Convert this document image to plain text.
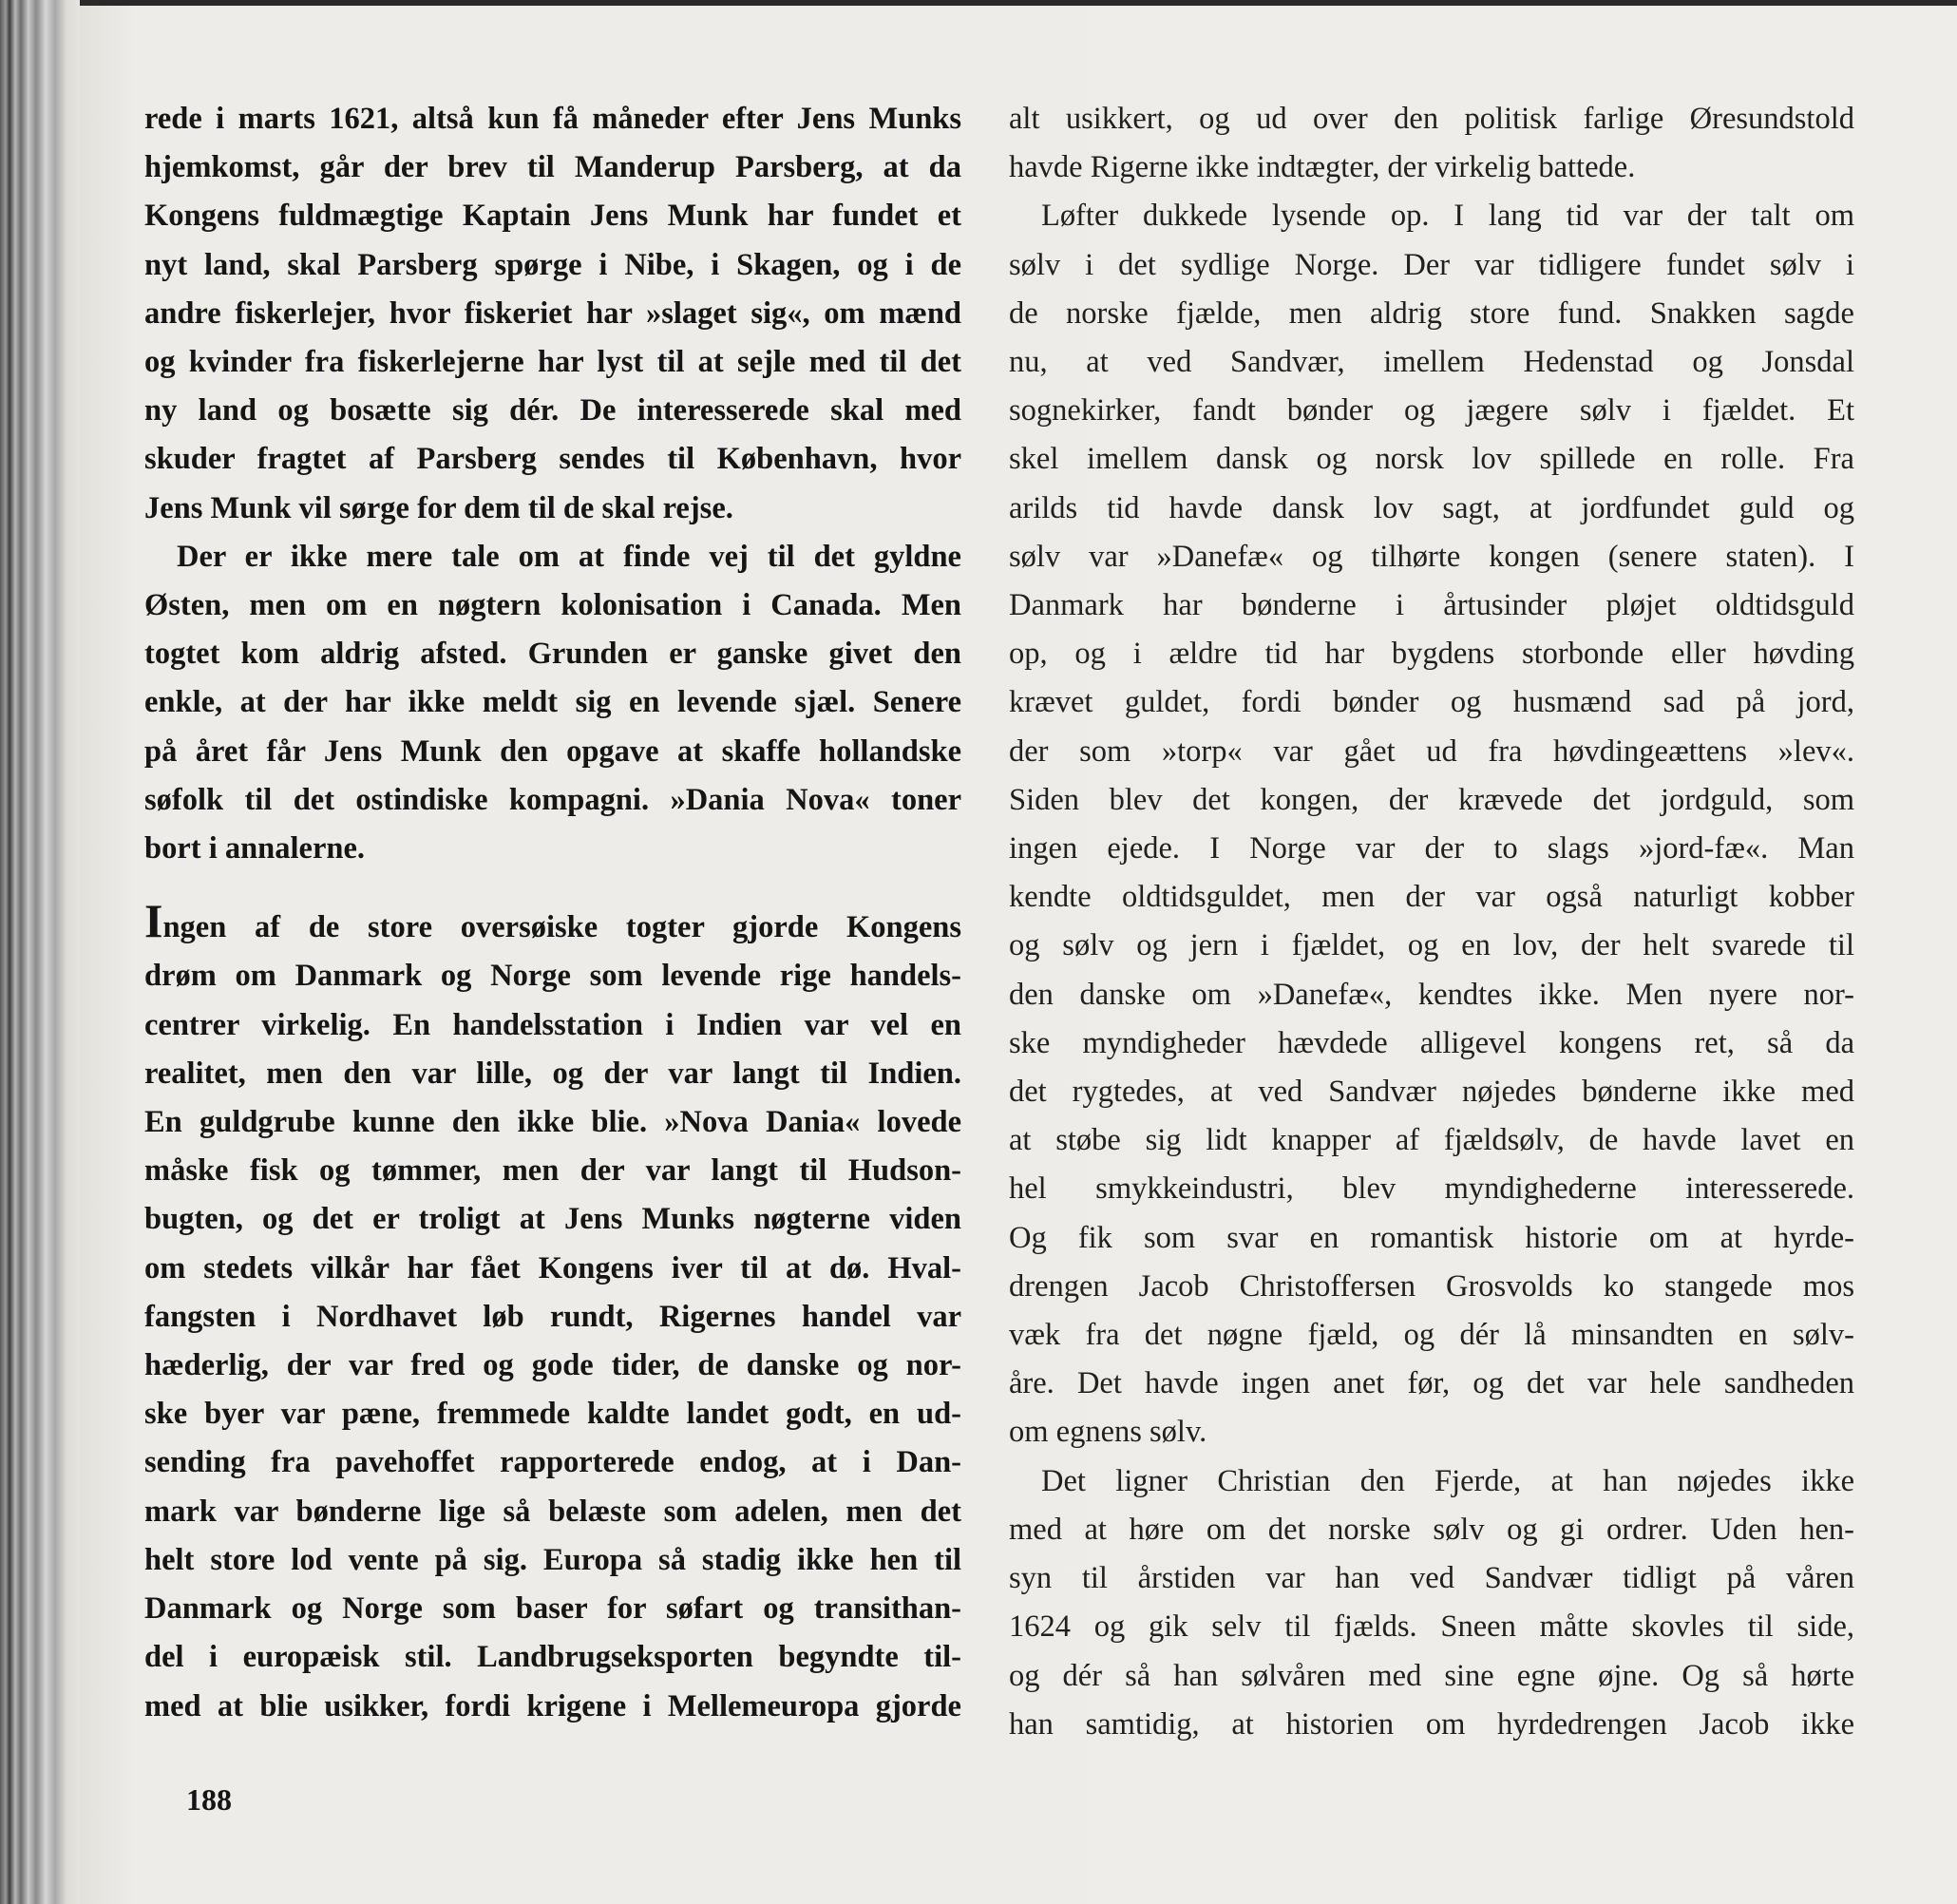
rede i marts 1621, altså kun få måneder efter Jens Munks
hjemkomst, går der brev til Manderup Parsberg, at da
Kongens fuldmægtige Kaptain Jens Munk har fundet et
nyt land, skal Parsberg spørge i Nibe, i Skagen, og i de
andre fiskerlejer, hvor fiskeriet har »slaget sig«, om mænd
og kvinder fra fiskerlejerne har lyst til at sejle med til det
ny land og bosætte sig dér. De interesserede skal med
skuder fragtet af Parsberg sendes til København, hvor
Jens Munk vil sørge for dem til de skal rejse.
Der er ikke mere tale om at finde vej til det gyldne
Østen, men om en nøgtern kolonisation i Canada. Men
togtet kom aldrig afsted. Grunden er ganske givet den
enkle, at der har ikke meldt sig en levende sjæl. Senere
på året får Jens Munk den opgave at skaffe hollandske
søfolk til det ostindiske kompagni. »Dania Nova« toner
bort i annalerne.
Ingen af de store oversøiske togter gjorde Kongens
drøm om Danmark og Norge som levende rige handels-
centrer virkelig. En handelsstation i Indien var vel en
realitet, men den var lille, og der var langt til Indien.
En guldgrube kunne den ikke blie. »Nova Dania« lovede
måske fisk og tømmer, men der var langt til Hudson-
bugten, og det er troligt at Jens Munks nøgterne viden
om stedets vilkår har fået Kongens iver til at dø. Hval-
fangsten i Nordhavet løb rundt, Rigernes handel var
hæderlig, der var fred og gode tider, de danske og nor-
ske byer var pæne, fremmede kaldte landet godt, en ud-
sending fra pavehoffet rapporterede endog, at i Dan-
mark var bønderne lige så belæste som adelen, men det
helt store lod vente på sig. Europa så stadig ikke hen til
Danmark og Norge som baser for søfart og transithan-
del i europæisk stil. Landbrugseksporten begyndte til-
med at blie usikker, fordi krigene i Mellemeuropa gjorde
alt usikkert, og ud over den politisk farlige Øresundstold
havde Rigerne ikke indtægter, der virkelig battede.
Løfter dukkede lysende op. I lang tid var der talt om
sølv i det sydlige Norge. Der var tidligere fundet sølv i
de norske fjælde, men aldrig store fund. Snakken sagde
nu, at ved Sandvær, imellem Hedenstad og Jonsdal
sognekirker, fandt bønder og jægere sølv i fjældet. Et
skel imellem dansk og norsk lov spillede en rolle. Fra
arilds tid havde dansk lov sagt, at jordfundet guld og
sølv var »Danefæ« og tilhørte kongen (senere staten). I
Danmark har bønderne i årtusinder pløjet oldtidsguld
op, og i ældre tid har bygdens storbonde eller høvding
krævet guldet, fordi bønder og husmænd sad på jord,
der som »torp« var gået ud fra høvdingeættens »lev«.
Siden blev det kongen, der krævede det jordguld, som
ingen ejede. I Norge var der to slags »jord-fæ«. Man
kendte oldtidsguldet, men der var også naturligt kobber
og sølv og jern i fjældet, og en lov, der helt svarede til
den danske om »Danefæ«, kendtes ikke. Men nyere nor-
ske myndigheder hævdede alligevel kongens ret, så da
det rygtedes, at ved Sandvær nøjedes bønderne ikke med
at støbe sig lidt knapper af fjældsølv, de havde lavet en
hel smykkeindustri, blev myndighederne interesserede.
Og fik som svar en romantisk historie om at hyrde-
drengen Jacob Christoffersen Grosvolds ko stangede mos
væk fra det nøgne fjæld, og dér lå minsandten en sølv-
åre. Det havde ingen anet før, og det var hele sandheden
om egnens sølv.
Det ligner Christian den Fjerde, at han nøjedes ikke
med at høre om det norske sølv og gi ordrer. Uden hen-
syn til årstiden var han ved Sandvær tidligt på våren
1624 og gik selv til fjælds. Sneen måtte skovles til side,
og dér så han sølvåren med sine egne øjne. Og så hørte
han samtidig, at historien om hyrdedrengen Jacob ikke
188
